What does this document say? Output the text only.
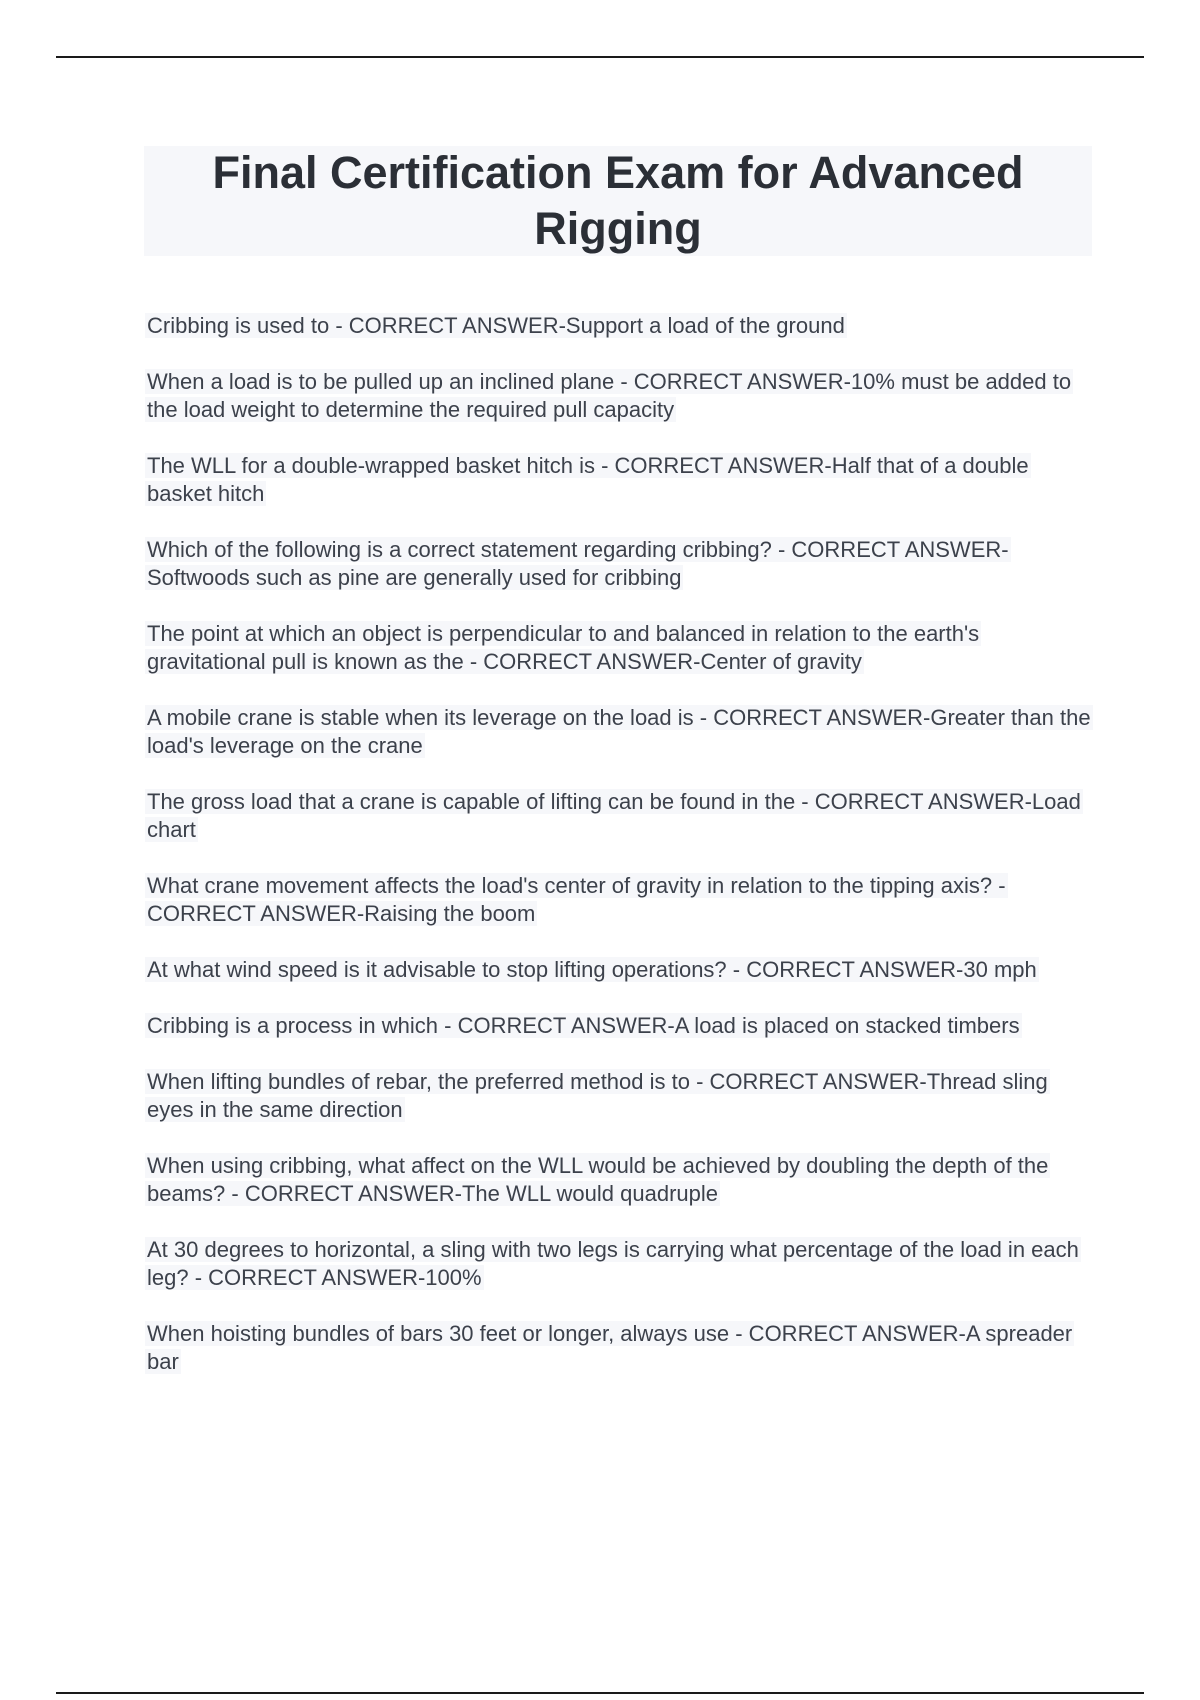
Final Certification Exam for Advanced Rigging
Cribbing is used to - CORRECT ANSWER-Support a load of the ground
When a load is to be pulled up an inclined plane - CORRECT ANSWER-10% must be added to the load weight to determine the required pull capacity
The WLL for a double-wrapped basket hitch is - CORRECT ANSWER-Half that of a double basket hitch
Which of the following is a correct statement regarding cribbing? - CORRECT ANSWER-Softwoods such as pine are generally used for cribbing
The point at which an object is perpendicular to and balanced in relation to the earth's gravitational pull is known as the - CORRECT ANSWER-Center of gravity
A mobile crane is stable when its leverage on the load is - CORRECT ANSWER-Greater than the load's leverage on the crane
The gross load that a crane is capable of lifting can be found in the - CORRECT ANSWER-Load chart
What crane movement affects the load's center of gravity in relation to the tipping axis? - CORRECT ANSWER-Raising the boom
At what wind speed is it advisable to stop lifting operations? - CORRECT ANSWER-30 mph
Cribbing is a process in which - CORRECT ANSWER-A load is placed on stacked timbers
When lifting bundles of rebar, the preferred method is to - CORRECT ANSWER-Thread sling eyes in the same direction
When using cribbing, what affect on the WLL would be achieved by doubling the depth of the beams? - CORRECT ANSWER-The WLL would quadruple
At 30 degrees to horizontal, a sling with two legs is carrying what percentage of the load in each leg? - CORRECT ANSWER-100%
When hoisting bundles of bars 30 feet or longer, always use - CORRECT ANSWER-A spreader bar
